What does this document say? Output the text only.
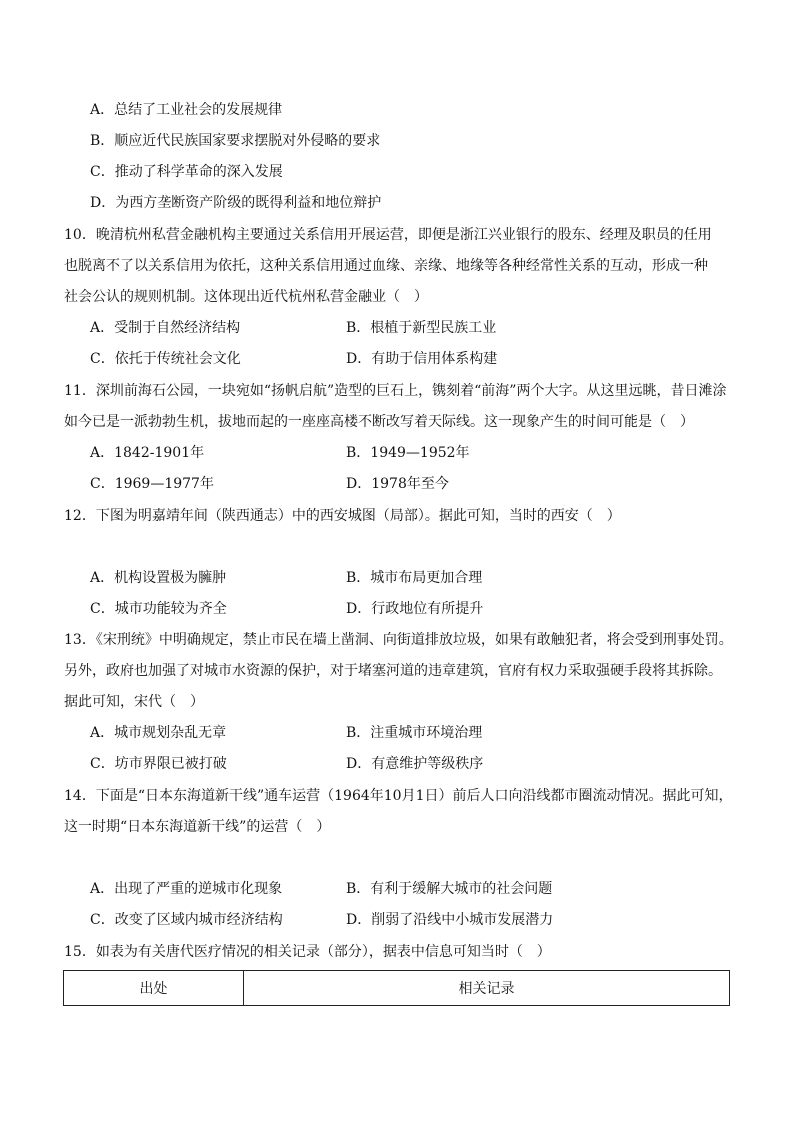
A．总结了工业社会的发展规律
B．顺应近代民族国家要求摆脱对外侵略的要求
C．推动了科学革命的深入发展
D．为西方垄断资产阶级的既得利益和地位辩护
10．晚清杭州私营金融机构主要通过关系信用开展运营，即便是浙江兴业银行的股东、经理及职员的任用
也脱离不了以关系信用为依托，这种关系信用通过血缘、亲缘、地缘等各种经常性关系的互动，形成一种
社会公认的规则机制。这体现出近代杭州私营金融业（　）
A．受制于自然经济结构	B．根植于新型民族工业
C．依托于传统社会文化	D．有助于信用体系构建
11．深圳前海石公园，一块宛如“扬帆启航”造型的巨石上，镌刻着“前海”两个大字。从这里远眺，昔日滩涂
如今已是一派勃勃生机，拔地而起的一座座高楼不断改写着天际线。这一现象产生的时间可能是（　）
A．1842-1901年	B．1949—1952年
C．1969—1977年	D．1978年至今
12．下图为明嘉靖年间（陕西通志）中的西安城图（局部）。据此可知，当时的西安（　）
A．机构设置极为臃肿	B．城市布局更加合理
C．城市功能较为齐全	D．行政地位有所提升
13．《宋刑统》中明确规定，禁止市民在墙上凿洞、向街道排放垃圾，如果有敢触犯者，将会受到刑事处罚。
另外，政府也加强了对城市水资源的保护，对于堵塞河道的违章建筑，官府有权力采取强硬手段将其拆除。
据此可知，宋代（　）
A．城市规划杂乱无章	B．注重城市环境治理
C．坊市界限已被打破	D．有意维护等级秩序
14．下面是“日本东海道新干线”通车运营（1964年10月1日）前后人口向沿线都市圈流动情况。据此可知，
这一时期“日本东海道新干线”的运营（　）
A．出现了严重的逆城市化现象	B．有利于缓解大城市的社会问题
C．改变了区域内城市经济结构	D．削弱了沿线中小城市发展潜力
15．如表为有关唐代医疗情况的相关记录（部分），据表中信息可知当时（　）
出处	相关记录
